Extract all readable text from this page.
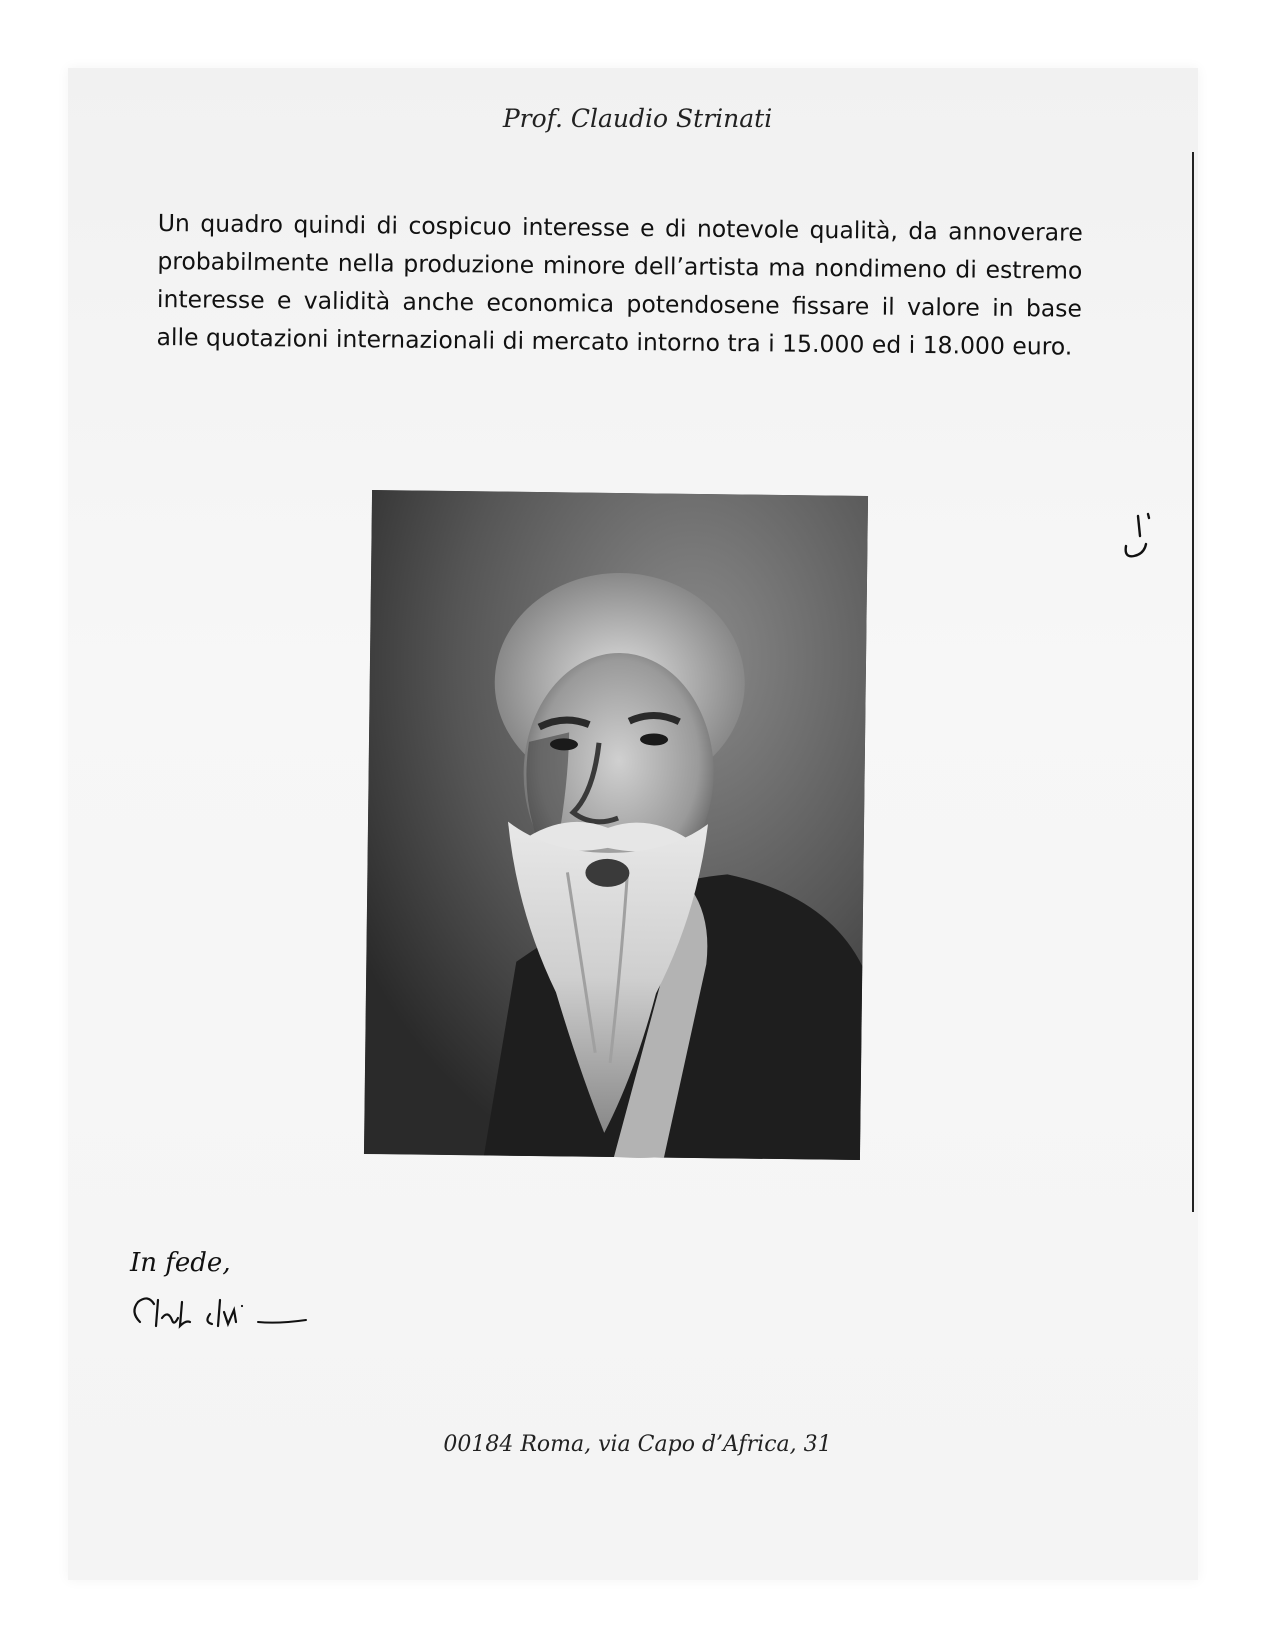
Prof. Claudio Strinati
Un quadro quindi di cospicuo interesse e di notevole qualità, da annoverare probabilmente nella produzione minore dell’artista ma nondimeno di estremo interesse e validità anche economica potendosene fissare il valore in base alle quotazioni internazionali di mercato intorno tra i 15.000 ed i 18.000 euro.
In fede,
00184 Roma, via Capo d’Africa, 31
